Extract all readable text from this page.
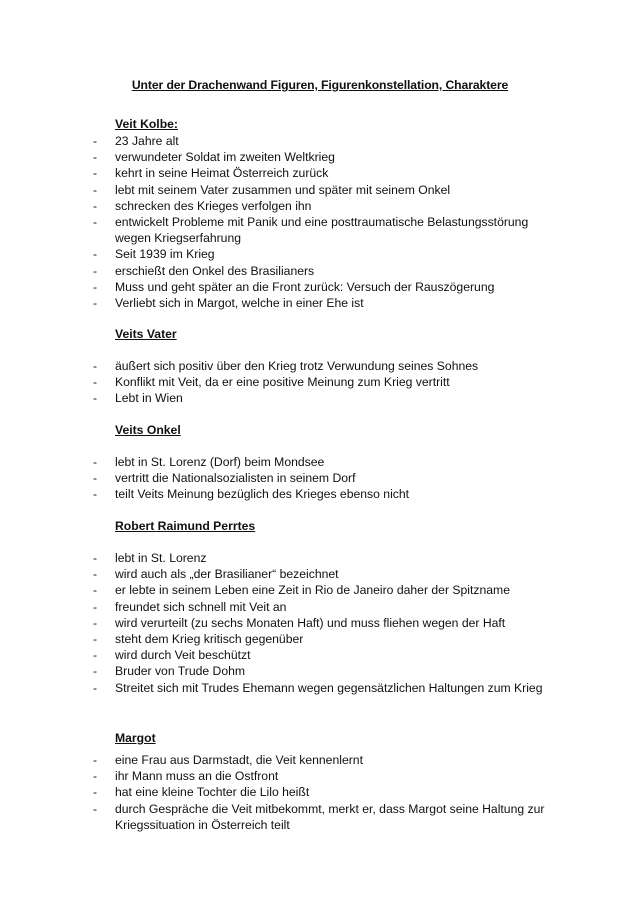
Unter der Drachenwand Figuren, Figurenkonstellation, Charaktere
Veit Kolbe:
- 23 Jahre alt
- verwundeter Soldat im zweiten Weltkrieg
- kehrt in seine Heimat Österreich zurück
- lebt mit seinem Vater zusammen und später mit seinem Onkel
- schrecken des Krieges verfolgen ihn
- entwickelt Probleme mit Panik und eine posttraumatische Belastungsstörung wegen Kriegserfahrung
- Seit 1939 im Krieg
- erschießt den Onkel des Brasilianers
- Muss und geht später an die Front zurück: Versuch der Rauszögerung
- Verliebt sich in Margot, welche in einer Ehe ist
Veits Vater
- äußert sich positiv über den Krieg trotz Verwundung seines Sohnes
- Konflikt mit Veit, da er eine positive Meinung zum Krieg vertritt
- Lebt in Wien
Veits Onkel
- lebt in St. Lorenz (Dorf) beim Mondsee
- vertritt die Nationalsozialisten in seinem Dorf
- teilt Veits Meinung bezüglich des Krieges ebenso nicht
Robert Raimund Perrtes
- lebt in St. Lorenz
- wird auch als „der Brasilianer“ bezeichnet
- er lebte in seinem Leben eine Zeit in Rio de Janeiro daher der Spitzname
- freundet sich schnell mit Veit an
- wird verurteilt (zu sechs Monaten Haft) und muss fliehen wegen der Haft
- steht dem Krieg kritisch gegenüber
- wird durch Veit beschützt
- Bruder von Trude Dohm
- Streitet sich mit Trudes Ehemann wegen gegensätzlichen Haltungen zum Krieg
Margot
- eine Frau aus Darmstadt, die Veit kennenlernt
- ihr Mann muss an die Ostfront
- hat eine kleine Tochter die Lilo heißt
- durch Gespräche die Veit mitbekommt, merkt er, dass Margot seine Haltung zur Kriegssituation in Österreich teilt
